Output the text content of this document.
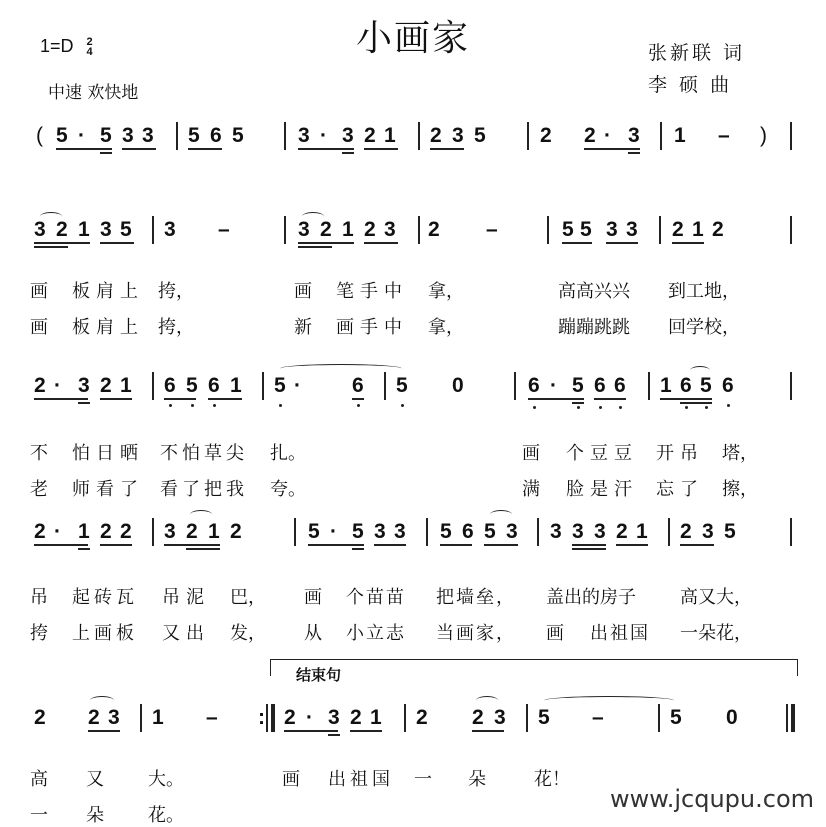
小画家
1=D 2
4
中速 欢快地
张新联 词
李 硕 曲
( 5 · 5 3 3 5 6 5	3 · 3 2 1 2 3 5	2 2 · 3 1 – )
3 2 1 3 5 3 –	3 2 1 2 3 2 –	5 5 3 3 2 1 2

画 板肩上 挎，	画 笔手中 拿，	高高兴兴 到工地，

画 板肩上 挎，	新 画手中 拿，	蹦蹦跳跳 回学校，

2 · 3 2 1 6 5 6 1 5 · 6 5 0	6 · 5 6 6 1 6 5 6

不 怕日晒 不怕草尖 扎。	画 个豆豆 开吊 塔，

老 师看了 看了把我 夸。	满 脸是汗 忘了 擦，

2 · 1 2 2 3 2 1 2	5 · 5 3 3 5 6 5 3 3 3 3 2 1 2 3 5

吊 起砖瓦 吊泥 巴， 画 个苗苗 把墙垒， 盖出的房子 高又大，

挎 上画板 又出 发， 从 小立志 当画家， 画 出祖国 一朵花，

结束句
2 2 3 1 – : 2 · 3 2 1 2 2 3 5 –	5 0

高 又 大。	画 出祖国 一 朵	花！

一 朵 花。

www.jcqupu.com
